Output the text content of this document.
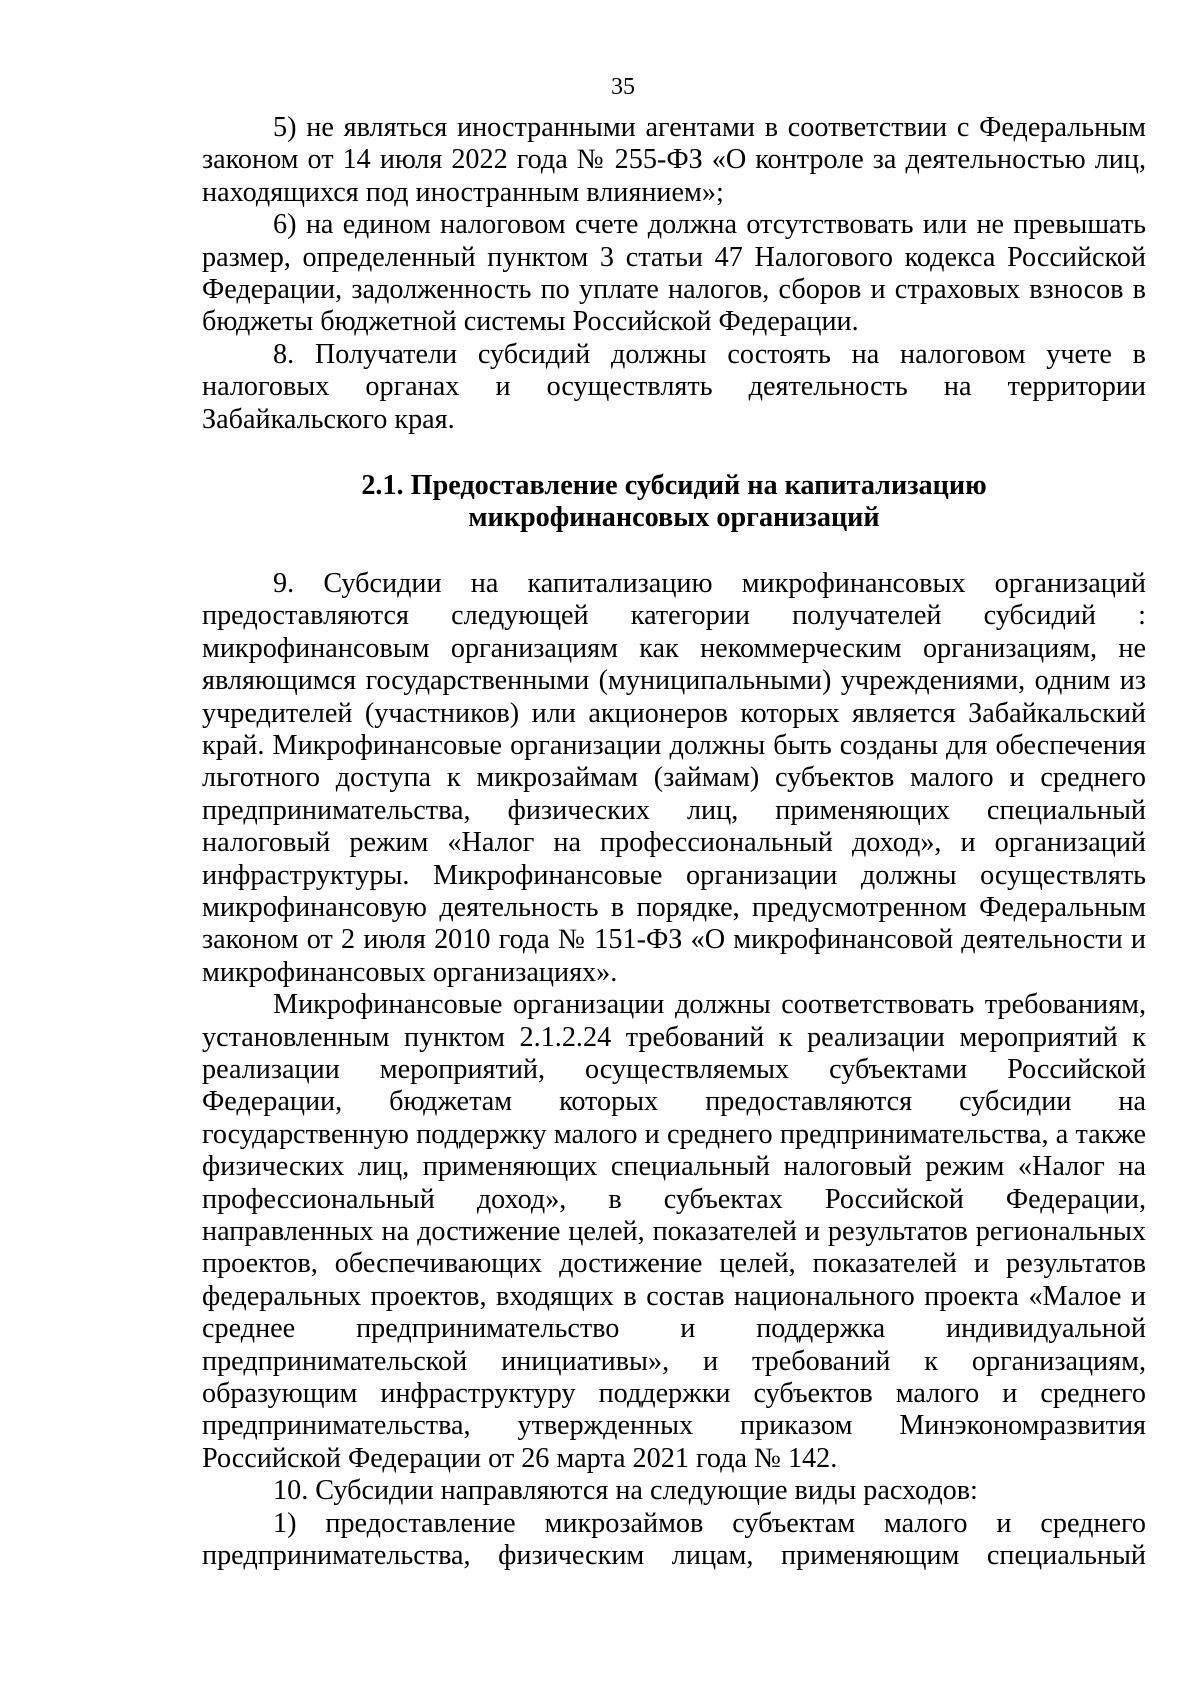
35

5) не являться иностранными агентами в соответствии с Федеральным законом от 14 июля 2022 года № 255-ФЗ «О контроле за деятельностью лиц, находящихся под иностранным влиянием»;

6) на едином налоговом счете должна отсутствовать или не превышать размер, определенный пунктом 3 статьи 47 Налогового кодекса Российской Федерации, задолженность по уплате налогов, сборов и страховых взносов в бюджеты бюджетной системы Российской Федерации.

8. Получатели субсидий должны состоять на налоговом учете в налоговых органах и осуществлять деятельность на территории Забайкальского края.

2.1. Предоставление субсидий на капитализацию
микрофинансовых организаций

9. Субсидии на капитализацию микрофинансовых организаций предоставляются следующей категории получателей субсидий : микрофинансовым организациям как некоммерческим организациям, не являющимся государственными (муниципальными) учреждениями, одним из учредителей (участников) или акционеров которых является Забайкальский край. Микрофинансовые организации должны быть созданы для обеспечения льготного доступа к микрозаймам (займам) субъектов малого и среднего предпринимательства, физических лиц, применяющих специальный налоговый режим «Налог на профессиональный доход», и организаций инфраструктуры. Микрофинансовые организации должны осуществлять микрофинансовую деятельность в порядке, предусмотренном Федеральным законом от 2 июля 2010 года № 151-ФЗ «О микрофинансовой деятельности и микрофинансовых организациях».

Микрофинансовые организации должны соответствовать требованиям, установленным пунктом 2.1.2.24 требований к реализации мероприятий к реализации мероприятий, осуществляемых субъектами Российской Федерации, бюджетам которых предоставляются субсидии на государственную поддержку малого и среднего предпринимательства, а также физических лиц, применяющих специальный налоговый режим «Налог на профессиональный доход», в субъектах Российской Федерации, направленных на достижение целей, показателей и результатов региональных проектов, обеспечивающих достижение целей, показателей и результатов федеральных проектов, входящих в состав национального проекта «Малое и среднее предпринимательство и поддержка индивидуальной предпринимательской инициативы», и требований к организациям, образующим инфраструктуру поддержки субъектов малого и среднего предпринимательства, утвержденных приказом Минэкономразвития Российской Федерации от 26 марта 2021 года № 142.

10. Субсидии направляются на следующие виды расходов:

1) предоставление микрозаймов субъектам малого и среднего предпринимательства, физическим лицам, применяющим специальный
